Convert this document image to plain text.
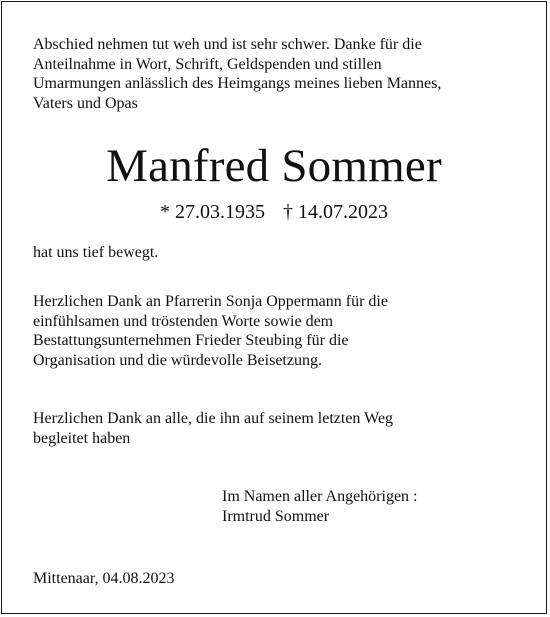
Abschied nehmen tut weh und ist sehr schwer. Danke für die
Anteilnahme in Wort, Schrift, Geldspenden und stillen
Umarmungen anlässlich des Heimgangs meines lieben Mannes,
Vaters und Opas
Manfred Sommer
* 27.03.1935 † 14.07.2023
hat uns tief bewegt.
Herzlichen Dank an Pfarrerin Sonja Oppermann für die
einfühlsamen und tröstenden Worte sowie dem
Bestattungsunternehmen Frieder Steubing für die
Organisation und die würdevolle Beisetzung.
Herzlichen Dank an alle, die ihn auf seinem letzten Weg
begleitet haben
Im Namen aller Angehörigen :
Irmtrud Sommer
Mittenaar, 04.08.2023
